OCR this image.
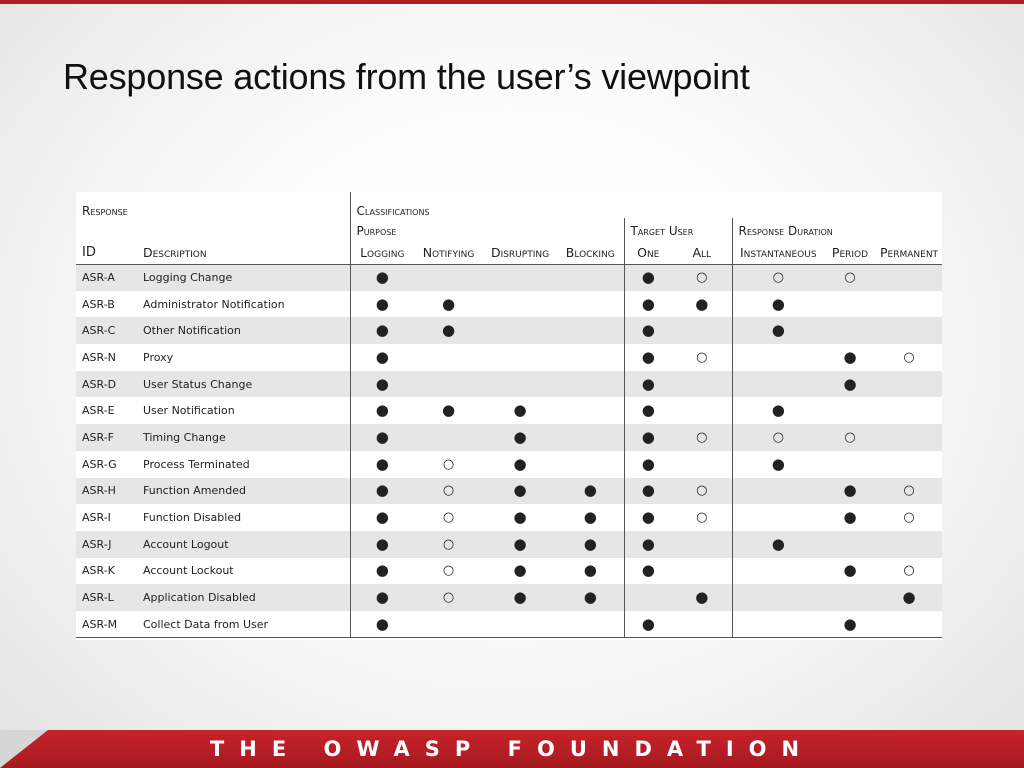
Response actions from the user’s viewpoint
Response		Classifications								
		Purpose				Target User		Response Duration		
ID	Description	Logging	Notifying	Disrupting	Blocking	One	All	Instantaneous	Period	Permanent
ASR-A	Logging Change	●				●	○	○	○	
ASR-B	Administrator Notification	●	●			●	●	●		
ASR-C	Other Notification	●	●			●		●		
ASR-N	Proxy	●				●	○		●	○
ASR-D	User Status Change	●				●			●	
ASR-E	User Notification	●	●	●		●		●		
ASR-F	Timing Change	●		●		●	○	○	○	
ASR-G	Process Terminated	●	○	●		●		●		
ASR-H	Function Amended	●	○	●	●	●	○		●	○
ASR-I	Function Disabled	●	○	●	●	●	○		●	○
ASR-J	Account Logout	●	○	●	●	●		●		
ASR-K	Account Lockout	●	○	●	●	●			●	○
ASR-L	Application Disabled	●	○	●	●		●			●
ASR-M	Collect Data from User	●				●			●	
THE OWASP FOUNDATION
